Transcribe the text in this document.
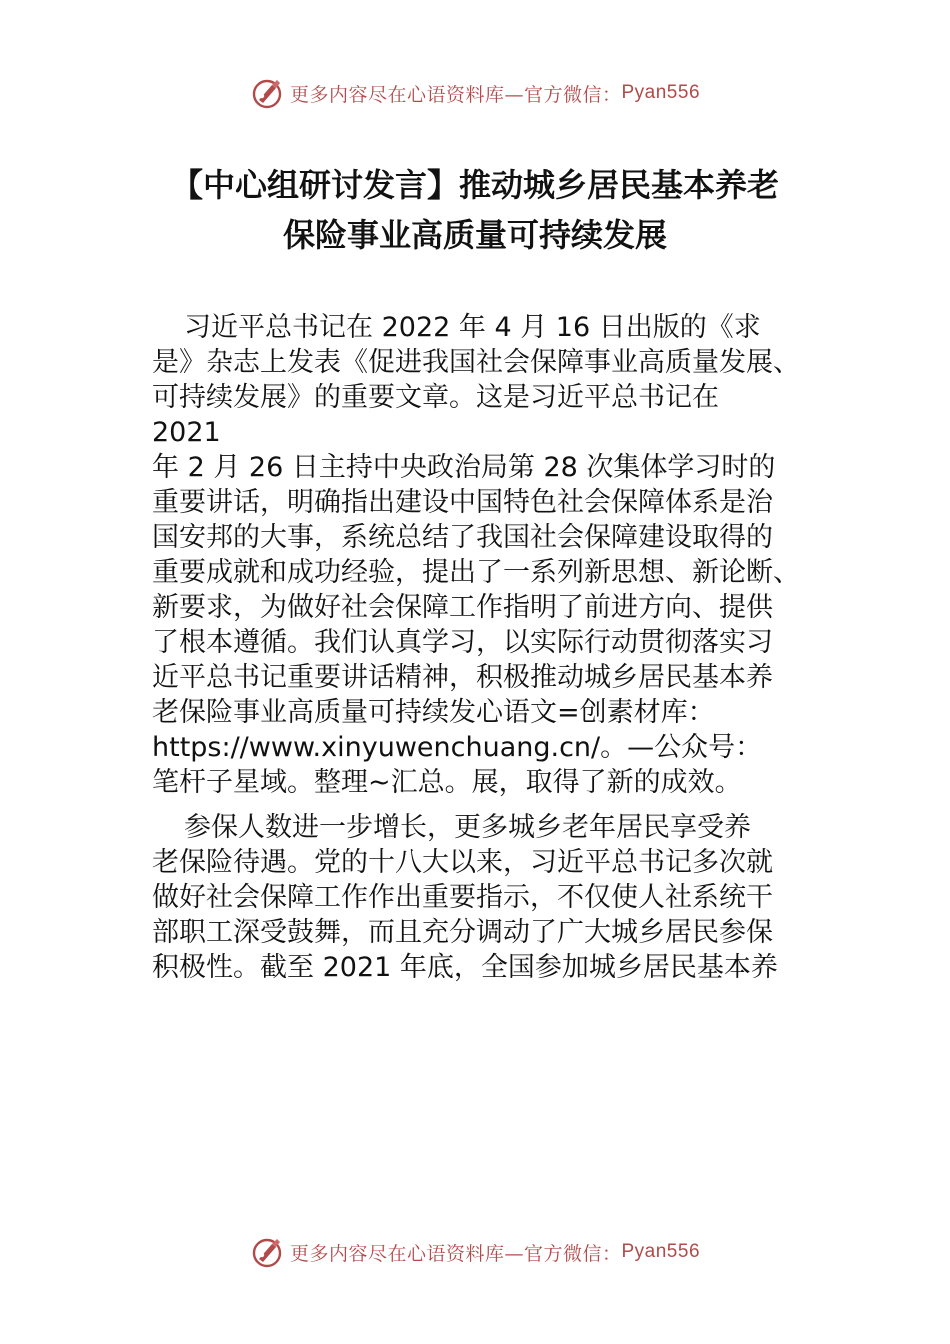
更多内容尽在心语资料库—官方微信： Pyan556
【中心组研讨发言】推动城乡居民基本养老
保险事业高质量可持续发展

习近平总书记在 2022 年 4 月 16 日出版的《求
是》杂志上发表《促进我国社会保障事业高质量发展、
可持续发展》的重要文章。这是习近平总书记在
2021
年 2 月 26 日主持中央政治局第 28 次集体学习时的
重要讲话，明确指出建设中国特色社会保障体系是治
国安邦的大事，系统总结了我国社会保障建设取得的
重要成就和成功经验，提出了一系列新思想、新论断、
新要求，为做好社会保障工作指明了前进方向、提供
了根本遵循。我们认真学习，以实际行动贯彻落实习
近平总书记重要讲话精神，积极推动城乡居民基本养
老保险事业高质量可持续发心语文=创素材库：
https://www.xinyuwenchuang.cn/。—公众号：
笔杆子星域。整理~汇总。展，取得了新的成效。

参保人数进一步增长，更多城乡老年居民享受养
老保险待遇。党的十八大以来，习近平总书记多次就
做好社会保障工作作出重要指示，不仅使人社系统干
部职工深受鼓舞，而且充分调动了广大城乡居民参保
积极性。截至 2021 年底，全国参加城乡居民基本养

更多内容尽在心语资料库—官方微信： Pyan556
